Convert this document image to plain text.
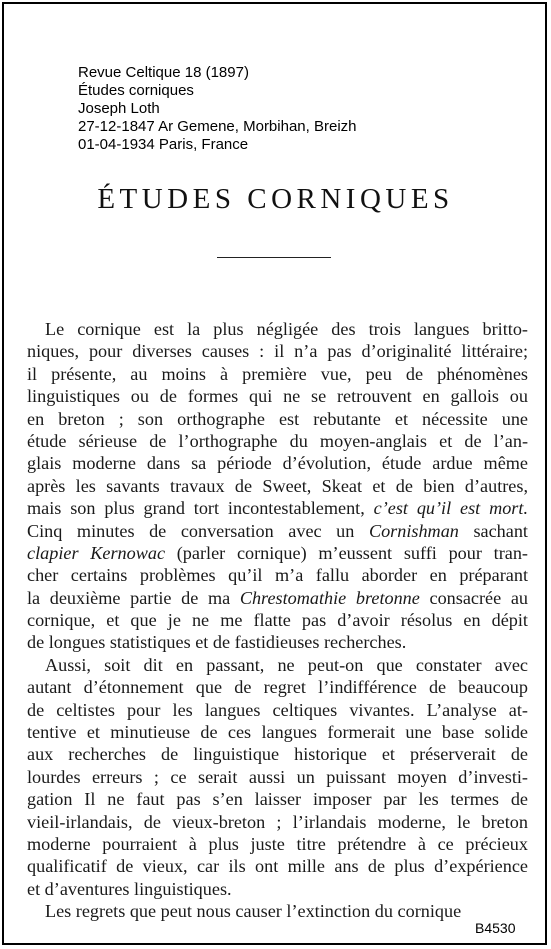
Revue Celtique 18 (1897)
Études corniques
Joseph Loth
27-12-1847 Ar Gemene, Morbihan, Breizh
01-04-1934 Paris, France
ÉTUDES CORNIQUES
Le cornique est la plus négligée des trois langues britto-
niques, pour diverses causes : il n’a pas d’originalité littéraire;
il présente, au moins à première vue, peu de phénomènes
linguistiques ou de formes qui ne se retrouvent en gallois ou
en breton ; son orthographe est rebutante et nécessite une
étude sérieuse de l’orthographe du moyen-anglais et de l’an-
glais moderne dans sa période d’évolution, étude ardue même
après les savants travaux de Sweet, Skeat et de bien d’autres,
mais son plus grand tort incontestablement, c’est qu’il est mort.
Cinq minutes de conversation avec un Cornishman sachant
clapier Kernowac (parler cornique) m’eussent suffi pour tran-
cher certains problèmes qu’il m’a fallu aborder en préparant
la deuxième partie de ma Chrestomathie bretonne consacrée au
cornique, et que je ne me flatte pas d’avoir résolus en dépit
de longues statistiques et de fastidieuses recherches.
Aussi, soit dit en passant, ne peut-on que constater avec
autant d’étonnement que de regret l’indifférence de beaucoup
de celtistes pour les langues celtiques vivantes. L’analyse at-
tentive et minutieuse de ces langues formerait une base solide
aux recherches de linguistique historique et préserverait de
lourdes erreurs ; ce serait aussi un puissant moyen d’investi-
gation Il ne faut pas s’en laisser imposer par les termes de
vieil-irlandais, de vieux-breton ; l’irlandais moderne, le breton
moderne pourraient à plus juste titre prétendre à ce précieux
qualificatif de vieux, car ils ont mille ans de plus d’expérience
et d’aventures linguistiques.
Les regrets que peut nous causer l’extinction du cornique
B4530
